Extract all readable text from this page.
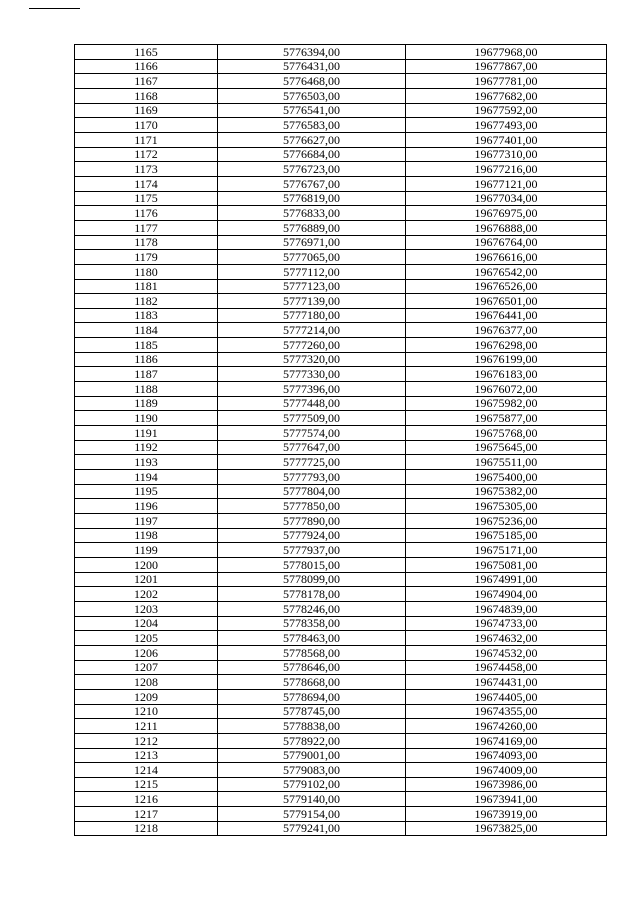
1165	5776394,00	19677968,00
1166	5776431,00	19677867,00
1167	5776468,00	19677781,00
1168	5776503,00	19677682,00
1169	5776541,00	19677592,00
1170	5776583,00	19677493,00
1171	5776627,00	19677401,00
1172	5776684,00	19677310,00
1173	5776723,00	19677216,00
1174	5776767,00	19677121,00
1175	5776819,00	19677034,00
1176	5776833,00	19676975,00
1177	5776889,00	19676888,00
1178	5776971,00	19676764,00
1179	5777065,00	19676616,00
1180	5777112,00	19676542,00
1181	5777123,00	19676526,00
1182	5777139,00	19676501,00
1183	5777180,00	19676441,00
1184	5777214,00	19676377,00
1185	5777260,00	19676298,00
1186	5777320,00	19676199,00
1187	5777330,00	19676183,00
1188	5777396,00	19676072,00
1189	5777448,00	19675982,00
1190	5777509,00	19675877,00
1191	5777574,00	19675768,00
1192	5777647,00	19675645,00
1193	5777725,00	19675511,00
1194	5777793,00	19675400,00
1195	5777804,00	19675382,00
1196	5777850,00	19675305,00
1197	5777890,00	19675236,00
1198	5777924,00	19675185,00
1199	5777937,00	19675171,00
1200	5778015,00	19675081,00
1201	5778099,00	19674991,00
1202	5778178,00	19674904,00
1203	5778246,00	19674839,00
1204	5778358,00	19674733,00
1205	5778463,00	19674632,00
1206	5778568,00	19674532,00
1207	5778646,00	19674458,00
1208	5778668,00	19674431,00
1209	5778694,00	19674405,00
1210	5778745,00	19674355,00
1211	5778838,00	19674260,00
1212	5778922,00	19674169,00
1213	5779001,00	19674093,00
1214	5779083,00	19674009,00
1215	5779102,00	19673986,00
1216	5779140,00	19673941,00
1217	5779154,00	19673919,00
1218	5779241,00	19673825,00
